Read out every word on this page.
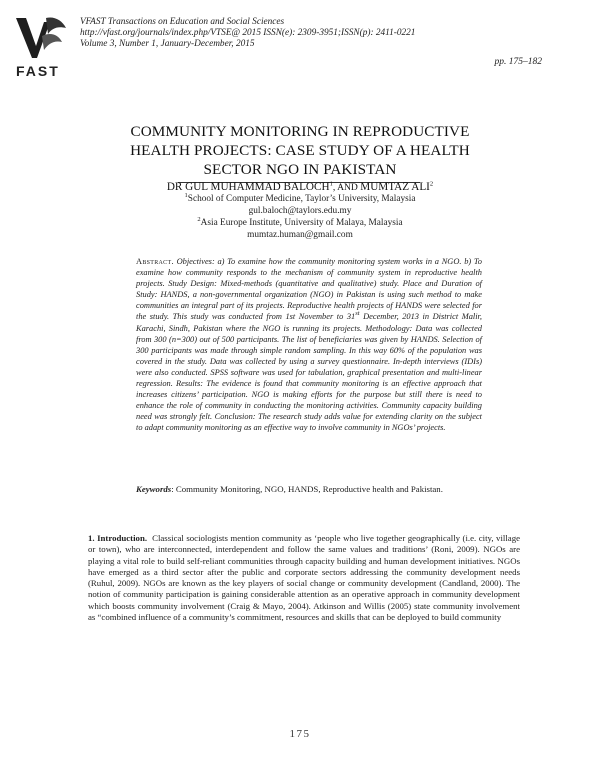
FAST
VFAST Transactions on Education and Social Sciences
http://vfast.org/journals/index.php/VTSE@ 2015 ISSN(e): 2309-3951;ISSN(p): 2411-0221
Volume 3, Number 1, January-December, 2015
pp. 175–182
COMMUNITY MONITORING IN REPRODUCTIVE
HEALTH PROJECTS: CASE STUDY OF A HEALTH
SECTOR NGO IN PAKISTAN
DR GUL MUHAMMAD BALOCH$^1$, AND MUMTAZ ALI$^2$
$^1$School of Computer Medicine, Taylor’s University, Malaysia
gul.baloch@taylors.edu.my
$^2$Asia Europe Institute, University of Malaya, Malaysia
mumtaz.human@gmail.com
Abstract. Objectives: a) To examine how the community monitoring system works in a NGO. b) To examine how community responds to the mechanism of community system in reproductive health projects. Study Design: Mixed-methods (quantitative and qualitative) study. Place and Duration of Study: HANDS, a non-governmental organization (NGO) in Pakistan is using such method to make communities an integral part of its projects. Reproductive health projects of HANDS were selected for the study. This study was conducted from 1st November to 31st December, 2013 in District Malir, Karachi, Sindh, Pakistan where the NGO is running its projects. Methodology: Data was collected from 300 (n=300) out of 500 participants. The list of beneficiaries was given by HANDS. Selection of 300 participants was made through simple random sampling. In this way 60% of the population was covered in the study. Data was collected by using a survey questionnaire. In-depth interviews (IDIs) were also conducted. SPSS software was used for tabulation, graphical presentation and multi-linear regression. Results: The evidence is found that community monitoring is an effective approach that increases citizens’ participation. NGO is making efforts for the purpose but still there is need to enhance the role of community in conducting the monitoring activities. Community capacity building need was strongly felt. Conclusion: The research study adds value for extending clarity on the subject to adapt community monitoring as an effective way to involve community in NGOs’ projects.
Keywords: Community Monitoring, NGO, HANDS, Reproductive health and Pakistan.
1. Introduction. Classical sociologists mention community as ‘people who live together geographically (i.e. city, village or town), who are interconnected, interdependent and follow the same values and traditions’ (Roni, 2009). NGOs are playing a vital role to build self-reliant communities through capacity building and human development initiatives. NGOs have emerged as a third sector after the public and corporate sectors addressing the community development needs (Ruhul, 2009). NGOs are known as the key players of social change or community development (Candland, 2000). The notion of community participation is gaining considerable attention as an operative approach in community development which boosts community involvement (Craig & Mayo, 2004). Atkinson and Willis (2005) state community involvement as “combined influence of a community’s commitment, resources and skills that can be deployed to build community
175
